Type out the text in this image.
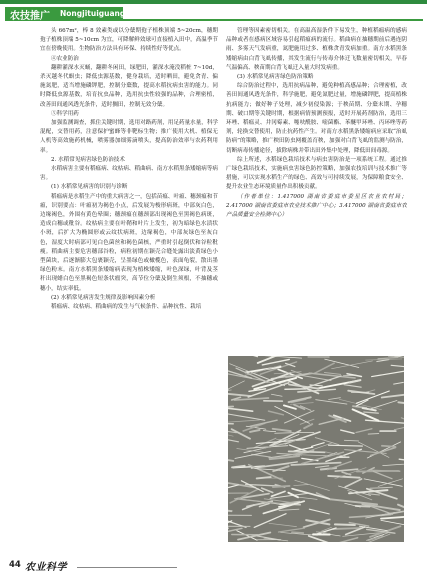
农技推广 Nongjituiguang

头 667m²，棒 8 效素类或以分蘖期孢子植株顶端 5~20cm，穗期孢子植株顶端 5~10cm 为宜，可降解鲜效球可直接植入田中，高温季节宜在傍晚使用。生物防治方法具有环保、持续性好等优点。

④农业防治

翻耕灌深水灭蛹，翻耕冬闲田，绿肥田，灌深水淹没稻桩 7~10d，杀灭越冬代螟虫；降低虫源基数，健身栽培，适时晒田，避免贪青、偏施氮肥，适当增施磷钾肥，控制分蘖数，提高水稻抗病虫害的能力。同时降低虫源基数，培育抗虫品种，选用抗虫性较强的品种，合理密植，改善田间通风透光条件，适时搁田，控制无效分蘖。

⑤科学用药

加强监测调查，抓住关键时期，选用对路药剂，用足药量水量，科学混配，交替用药，注意保护蜜蜂等非靶标生物；推广使用大机、植保无人机等高效施药机械，喷雾器加细雾滴喷头，提高防治效率与农药利用率。

2. 水稻常见病害绿色防治技术

水稻病害主要有稻瘟病、纹枯病、稻曲病、南方水稻黑条矮缩病等病害。

(1) 水稻常见病害的识别与诊断

稻瘟病是水稻生产中的重大病害之一，包括苗瘟、叶瘟、穗颈瘟和节瘟，识别要点：叶瘟初为褐色小点，后发展为梭形病斑，中部灰白色，边缘褐色，外围有黄色晕圈；穗颈瘟在穗颈部出现褐色至黑褐色病斑，造成白穗或秕谷。纹枯病主要在叶鞘和叶片上发生，初为暗绿色水渍状小斑，后扩大为椭圆形或云纹状病斑，边缘褐色，中部灰绿色至灰白色，湿度大时病部可见白色菌丝和褐色菌核，严重时引起倒伏和谷粒秕瘦。稻曲病主要危害穗部谷粒，病粒初期在颖壳合缝处露出淡黄绿色小型菌块，后逐渐膨大包裹颖壳，呈墨绿色或橄榄色，表面龟裂，散出墨绿色粉末。南方水稻黑条矮缩病表现为植株矮缩，叶色深绿，叶背及茎秆出现蜡白色至黑褐色短条状瘤突，高节位分蘖及倒生须根，不抽穗或穗小，结实率低。

(2) 水稻常见病害发生规律及影响因素分析

稻瘟病、纹枯病、稻曲病的发生与气候条件、品种抗性、栽培

管理等因素密切相关。在高温高湿条件下易发生，种植稻瘟病的感病品种或者在感病区域容易引起稻瘟病的流行。稻曲病在抽穗期前后遇连阴雨、多雾天气发病重，氮肥施用过多、植株贪青发病加重。南方水稻黑条矮缩病由白背飞虱传播，其发生流行与传毒介体迁飞数量密切相关，早春气温偏高、秧苗期白背飞虱迁入量大时发病重。

(3) 水稻常见病害绿色防治策略

综合防治过程中，选用抗病品种，避免种植高感品种；合理密植，改善田间通风透光条件，科学施肥，避免氮肥过量，增施磷钾肥，提高植株抗病能力；做好种子处理，减少初侵染源；于秧苗期、分蘖末期、孕穗期、破口期等关键时期，根据病情预测预报，适时开展药剂防治，选用三环唑、稻瘟灵、井冈霉素、噻呋酰胺、嘧菌酯、苯醚甲环唑、丙环唑等药剂，轮换交替使用，防止抗药性产生。对南方水稻黑条矮缩病应采取“治虱防病”的策略，推广秧田防虫网覆盖育秧，加强对白背飞虱的监测与防治，切断病毒传播途径，拔除病株并带出田外集中处理，降低田间毒源。

综上所述，水稻绿色栽培技术与病虫害防治是一项系统工程。通过推广绿色栽培技术，实施病虫害绿色防控策略，加强农技培训与技术推广等措施，可以实现水稻生产的绿色、高效与可持续发展，为保障粮食安全、提升农业生态环境质量作出积极贡献。

（作者单位：1.417000 湖南省娄底市娄星区农业农村局；2.417000 湖南省娄底市农业技术推广中心；3.417000 湖南省娄底市农产品质量安全检测中心）

44 农业科学
